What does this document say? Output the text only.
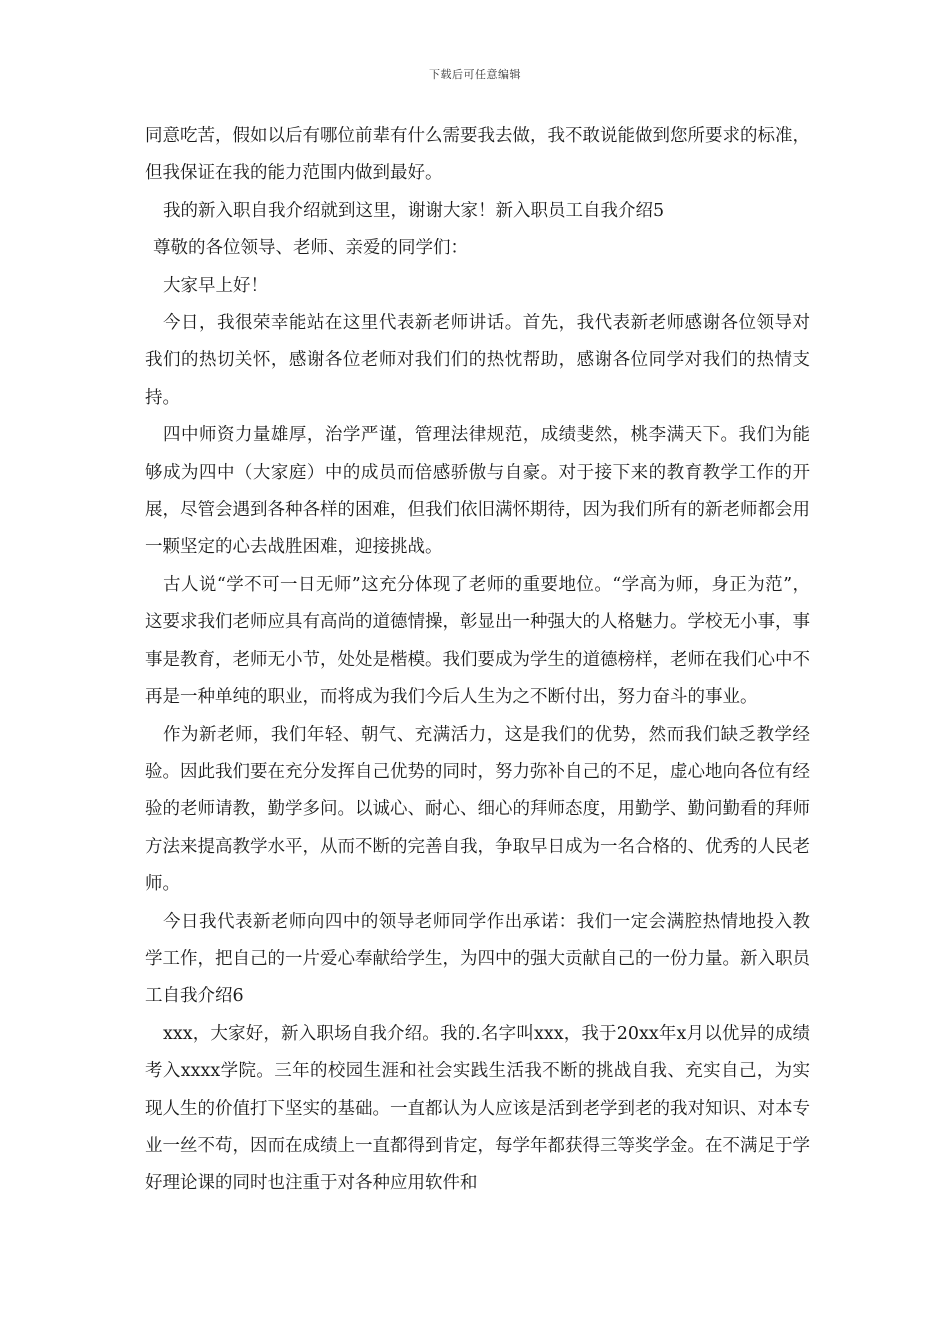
下载后可任意编辑

同意吃苦，假如以后有哪位前辈有什么需要我去做，我不敢说能做到您所要求的标准，但我保证在我的能力范围内做到最好。

我的新入职自我介绍就到这里，谢谢大家！新入职员工自我介绍5

尊敬的各位领导、老师、亲爱的同学们：

大家早上好！

今日，我很荣幸能站在这里代表新老师讲话。首先，我代表新老师感谢各位领导对我们的热切关怀，感谢各位老师对我们们的热忱帮助，感谢各位同学对我们的热情支持。

四中师资力量雄厚，治学严谨，管理法律规范，成绩斐然，桃李满天下。我们为能够成为四中（大家庭）中的成员而倍感骄傲与自豪。对于接下来的教育教学工作的开展，尽管会遇到各种各样的困难，但我们依旧满怀期待，因为我们所有的新老师都会用一颗坚定的心去战胜困难，迎接挑战。

古人说“学不可一日无师”这充分体现了老师的重要地位。“学高为师，身正为范”，这要求我们老师应具有高尚的道德情操，彰显出一种强大的人格魅力。学校无小事，事事是教育，老师无小节，处处是楷模。我们要成为学生的道德榜样，老师在我们心中不再是一种单纯的职业，而将成为我们今后人生为之不断付出，努力奋斗的事业。

作为新老师，我们年轻、朝气、充满活力，这是我们的优势，然而我们缺乏教学经验。因此我们要在充分发挥自己优势的同时，努力弥补自己的不足，虚心地向各位有经验的老师请教，勤学多问。以诚心、耐心、细心的拜师态度，用勤学、勤问勤看的拜师方法来提高教学水平，从而不断的完善自我，争取早日成为一名合格的、优秀的人民老师。

今日我代表新老师向四中的领导老师同学作出承诺：我们一定会满腔热情地投入教学工作，把自己的一片爱心奉献给学生，为四中的强大贡献自己的一份力量。新入职员工自我介绍6

xxx，大家好，新入职场自我介绍。我的.名字叫xxx，我于20xx年x月以优异的成绩考入xxxx学院。三年的校园生涯和社会实践生活我不断的挑战自我、充实自己，为实现人生的价值打下坚实的基础。一直都认为人应该是活到老学到老的我对知识、对本专业一丝不苟，因而在成绩上一直都得到肯定，每学年都获得三等奖学金。在不满足于学好理论课的同时也注重于对各种应用软件和
